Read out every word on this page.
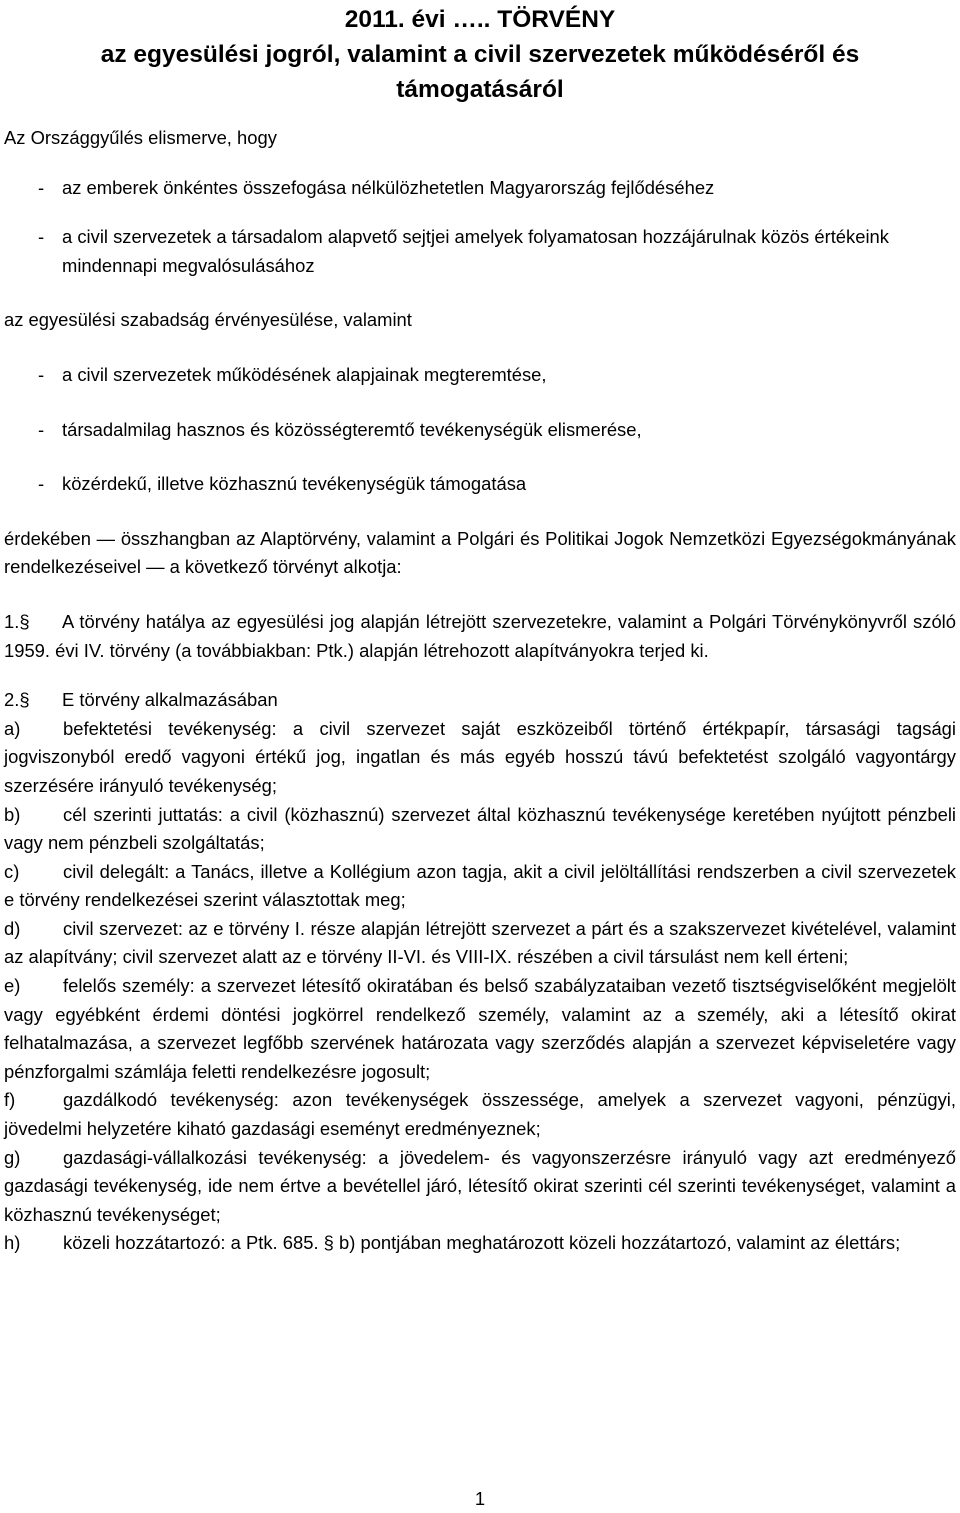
2011. évi ….. TÖRVÉNY
az egyesülési jogról, valamint a civil szervezetek működéséről és
támogatásáról

Az Országgyűlés elismerve, hogy

- az emberek önkéntes összefogása nélkülözhetetlen Magyarország fejlődéséhez

- a civil szervezetek a társadalom alapvető sejtjei amelyek folyamatosan hozzájárulnak közös értékeink mindennapi megvalósulásához

az egyesülési szabadság érvényesülése, valamint

- a civil szervezetek működésének alapjainak megteremtése,

- társadalmilag hasznos és közösségteremtő tevékenységük elismerése,

- közérdekű, illetve közhasznú tevékenységük támogatása

érdekében — összhangban az Alaptörvény, valamint a Polgári és Politikai Jogok Nemzetközi Egyezségokmányának rendelkezéseivel — a következő törvényt alkotja:

1.§ A törvény hatálya az egyesülési jog alapján létrejött szervezetekre, valamint a Polgári Törvénykönyvről szóló 1959. évi IV. törvény (a továbbiakban: Ptk.) alapján létrehozott alapítványokra terjed ki.

2.§ E törvény alkalmazásában

a) befektetési tevékenység: a civil szervezet saját eszközeiből történő értékpapír, társasági tagsági jogviszonyból eredő vagyoni értékű jog, ingatlan és más egyéb hosszú távú befektetést szolgáló vagyontárgy szerzésére irányuló tevékenység;

b) cél szerinti juttatás: a civil (közhasznú) szervezet által közhasznú tevékenysége keretében nyújtott pénzbeli vagy nem pénzbeli szolgáltatás;

c) civil delegált: a Tanács, illetve a Kollégium azon tagja, akit a civil jelöltállítási rendszerben a civil szervezetek e törvény rendelkezései szerint választottak meg;

d) civil szervezet: az e törvény I. része alapján létrejött szervezet a párt és a szakszervezet kivételével, valamint az alapítvány; civil szervezet alatt az e törvény II-VI. és VIII-IX. részében a civil társulást nem kell érteni;

e) felelős személy: a szervezet létesítő okiratában és belső szabályzataiban vezető tisztségviselőként megjelölt vagy egyébként érdemi döntési jogkörrel rendelkező személy, valamint az a személy, aki a létesítő okirat felhatalmazása, a szervezet legfőbb szervének határozata vagy szerződés alapján a szervezet képviseletére vagy pénzforgalmi számlája feletti rendelkezésre jogosult;

f)	gazdálkodó tevékenység: azon tevékenységek összessége, amelyek a szervezet vagyoni, pénzügyi, jövedelmi helyzetére kiható gazdasági eseményt eredményeznek;

g) gazdasági-vállalkozási tevékenység: a jövedelem- és vagyonszerzésre irányuló vagy azt eredményező gazdasági tevékenység, ide nem értve a bevétellel járó, létesítő okirat szerinti cél szerinti tevékenységet, valamint a közhasznú tevékenységet;

h) közeli hozzátartozó: a Ptk. 685. § b) pontjában meghatározott közeli hozzátartozó, valamint az élettárs;

1
